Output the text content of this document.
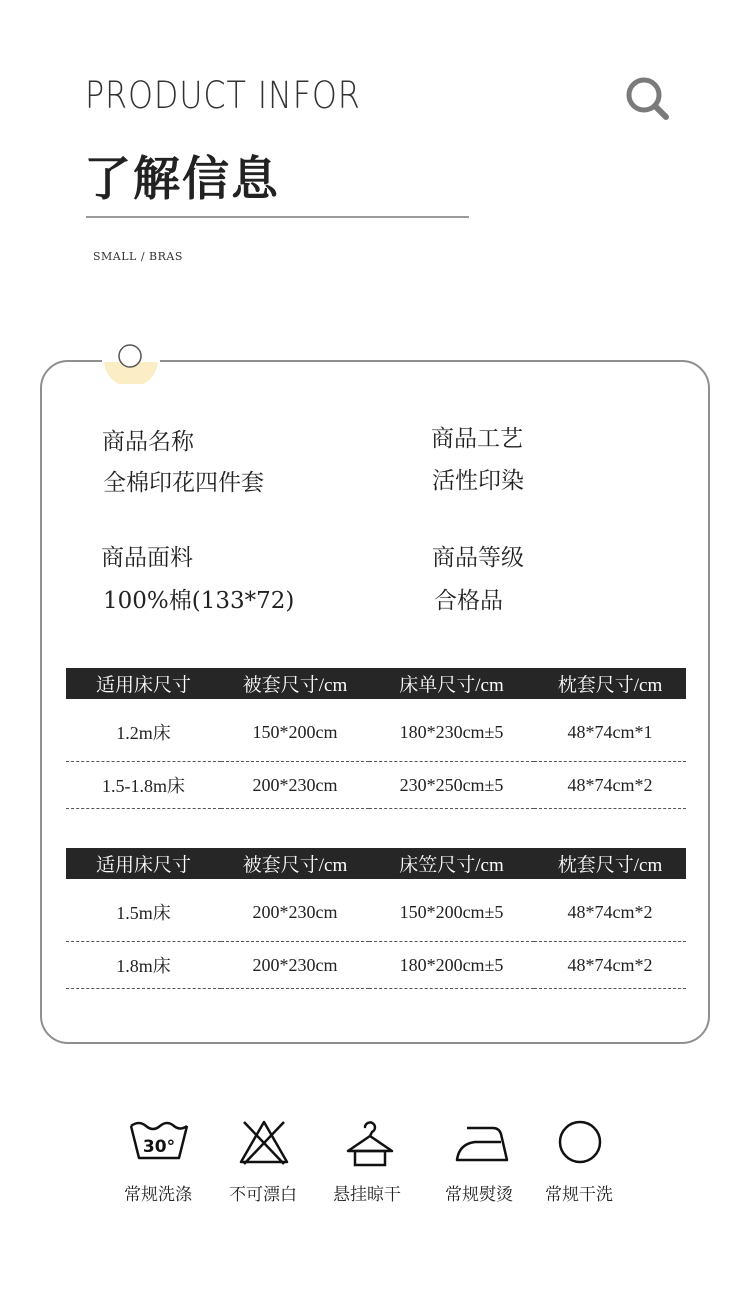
PRODUCT INFOR
了解信息
SMALL / BRAS
商品名称
全棉印花四件套
商品工艺
活性印染
商品面料
100%棉(133*72)
商品等级
合格品
适用床尺寸	被套尺寸/cm	床单尺寸/cm	枕套尺寸/cm
1.2m床	150*200cm	180*230cm±5	48*74cm*1
1.5-1.8m床	200*230cm	230*250cm±5	48*74cm*2
适用床尺寸	被套尺寸/cm	床笠尺寸/cm	枕套尺寸/cm
1.5m床	200*230cm	150*200cm±5	48*74cm*2
1.8m床	200*230cm	180*200cm±5	48*74cm*2
30°
常规洗涤	不可漂白	悬挂晾干	常规熨烫	常规干洗
